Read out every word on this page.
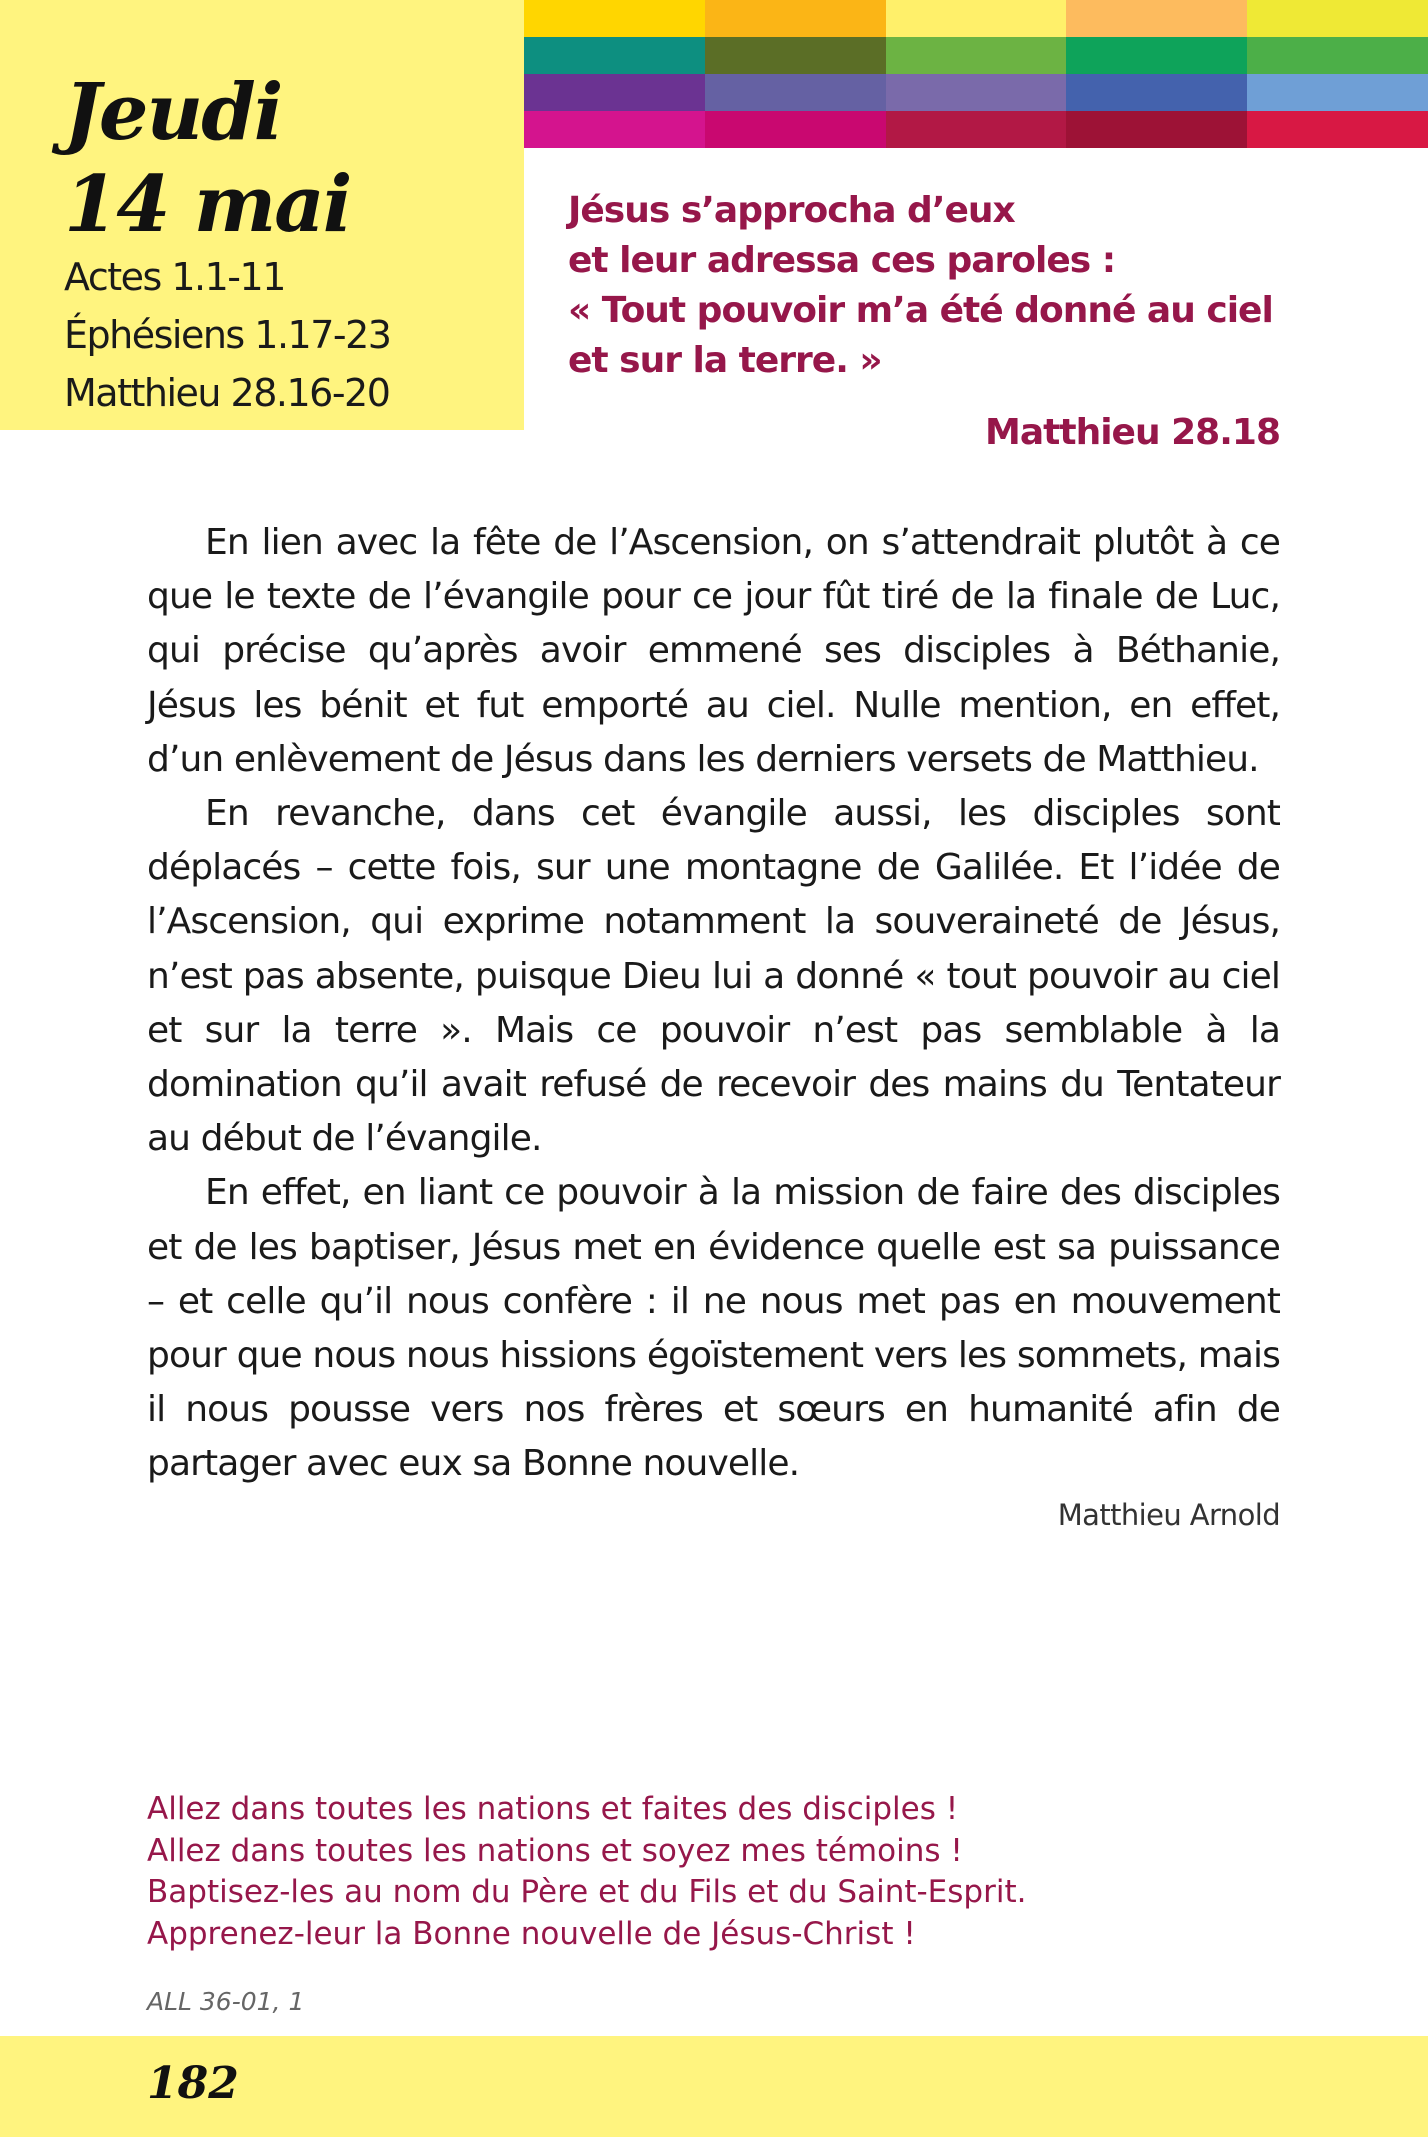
Jeudi
14 mai
Actes 1.1-11
Éphésiens 1.17-23
Matthieu 28.16-20

Jésus s’approcha d’eux

et leur adressa ces paroles :

« Tout pouvoir m’a été donné au ciel

et sur la terre. »

Matthieu 28.18

En lien avec la fête de l’Ascension, on s’attendrait plutôt à ce que le texte de l’évangile pour ce jour fût tiré de la finale de Luc, qui précise qu’après avoir emmené ses disciples à Béthanie, Jésus les bénit et fut emporté au ciel. Nulle mention, en effet, d’un enlèvement de Jésus dans les derniers versets de Matthieu.

En revanche, dans cet évangile aussi, les disciples sont déplacés – cette fois, sur une montagne de Galilée. Et l’idée de l’Ascension, qui exprime notamment la souveraineté de Jésus, n’est pas absente, puisque Dieu lui a donné « tout pouvoir au ciel et sur la terre ». Mais ce pouvoir n’est pas semblable à la domination qu’il avait refusé de recevoir des mains du Tentateur au début de l’évangile.

En effet, en liant ce pouvoir à la mission de faire des disciples et de les baptiser, Jésus met en évidence quelle est sa puissance – et celle qu’il nous confère : il ne nous met pas en mouvement pour que nous nous hissions égoïstement vers les sommets, mais il nous pousse vers nos frères et sœurs en humanité afin de partager avec eux sa Bonne nouvelle.

Matthieu Arnold

Allez dans toutes les nations et faites des disciples !
Allez dans toutes les nations et soyez mes témoins !
Baptisez-les au nom du Père et du Fils et du Saint-Esprit.
Apprenez-leur la Bonne nouvelle de Jésus-Christ !

ALL 36-01, 1

182
